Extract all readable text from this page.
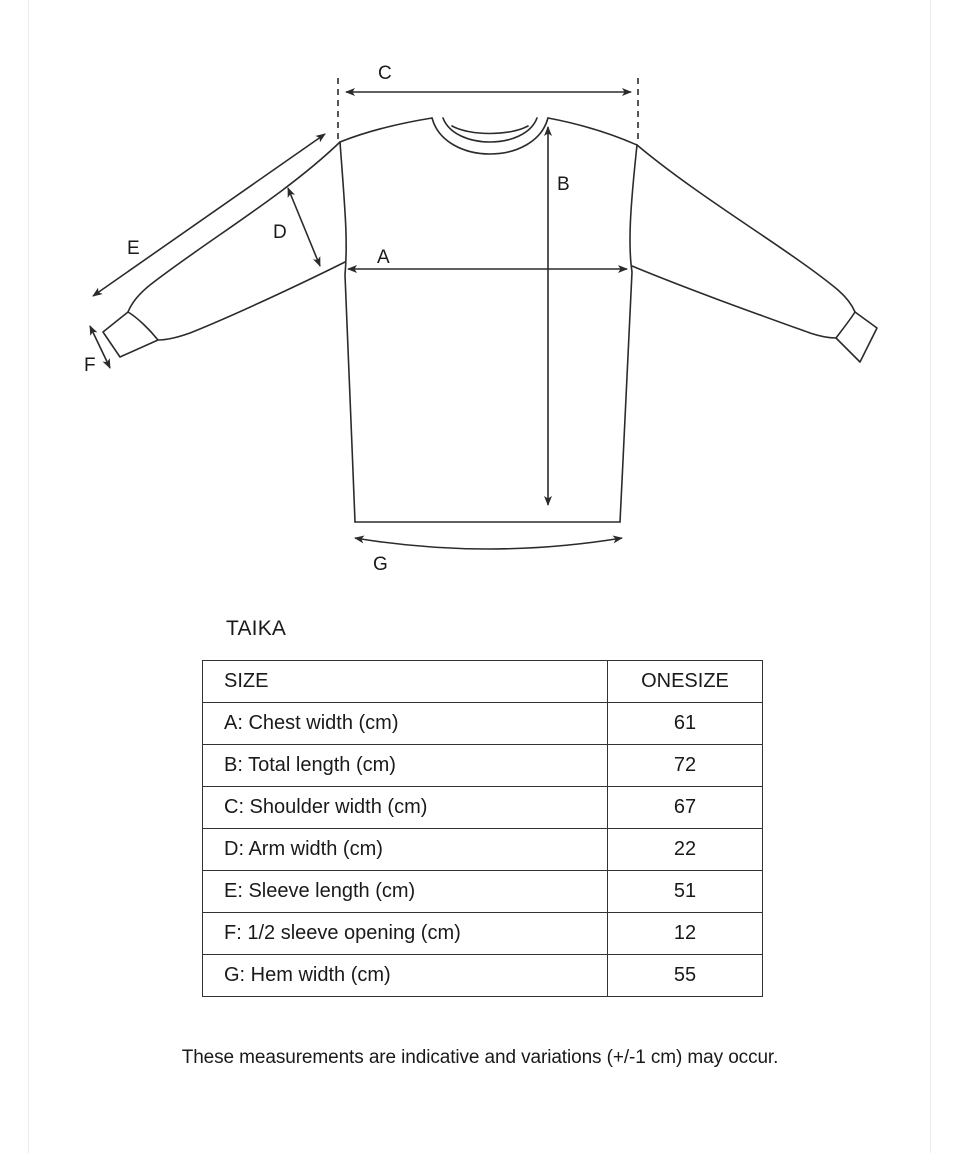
C
B
A
D
E
F
G
TAIKA
SIZE	ONESIZE
A: Chest width (cm)	61
B: Total length (cm)	72
C: Shoulder width (cm)	67
D: Arm width (cm)	22
E: Sleeve length (cm)	51
F: 1/2 sleeve opening (cm)	12
G: Hem width (cm)	55
These measurements are indicative and variations (+/-1 cm) may occur.
